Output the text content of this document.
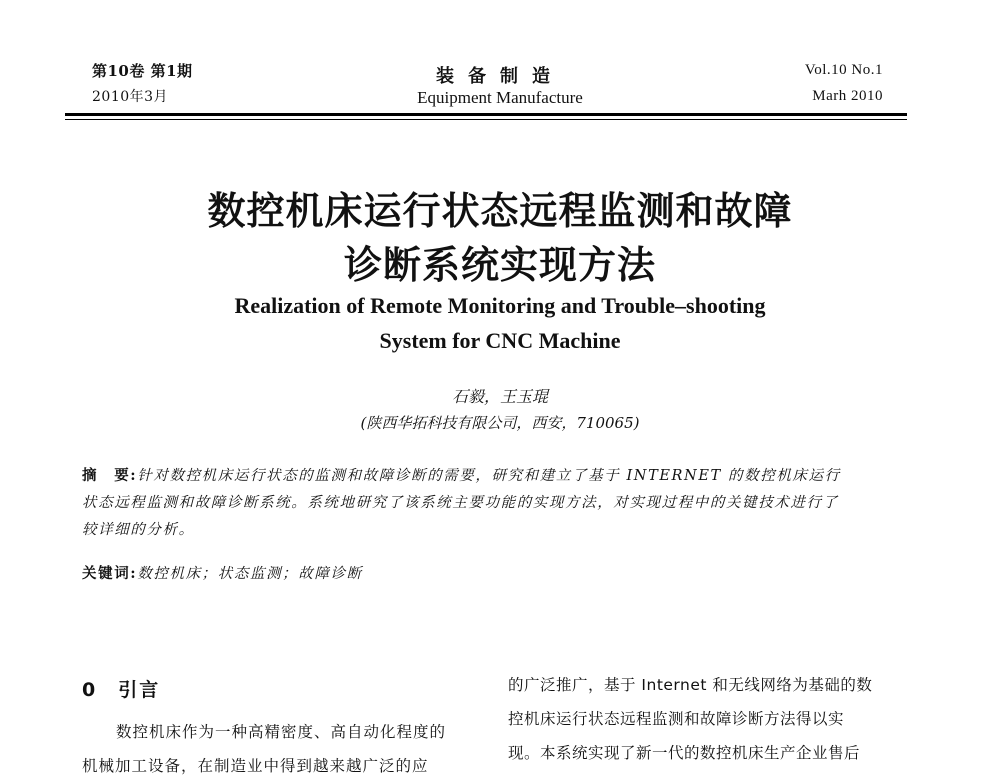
第10卷 第1期
2010年3月
装备制造
Equipment Manufacture
Vol.10 No.1
Marh 2010
数控机床运行状态远程监测和故障
诊断系统实现方法
Realization of Remote Monitoring and Trouble–shooting
System for CNC Machine
石毅，王玉琨
(陕西华拓科技有限公司，西安，710065)
摘　要:针对数控机床运行状态的监测和故障诊断的需要，研究和建立了基于 INTERNET 的数控机床运行
状态远程监测和故障诊断系统。系统地研究了该系统主要功能的实现方法，对实现过程中的关键技术进行了
较详细的分析。
关键词:数控机床；状态监测；故障诊断
0　引言
数控机床作为一种高精密度、高自动化程度的
机械加工设备，在制造业中得到越来越广泛的应
的广泛推广，基于 Internet 和无线网络为基础的数
控机床运行状态远程监测和故障诊断方法得以实
现。本系统实现了新一代的数控机床生产企业售后
